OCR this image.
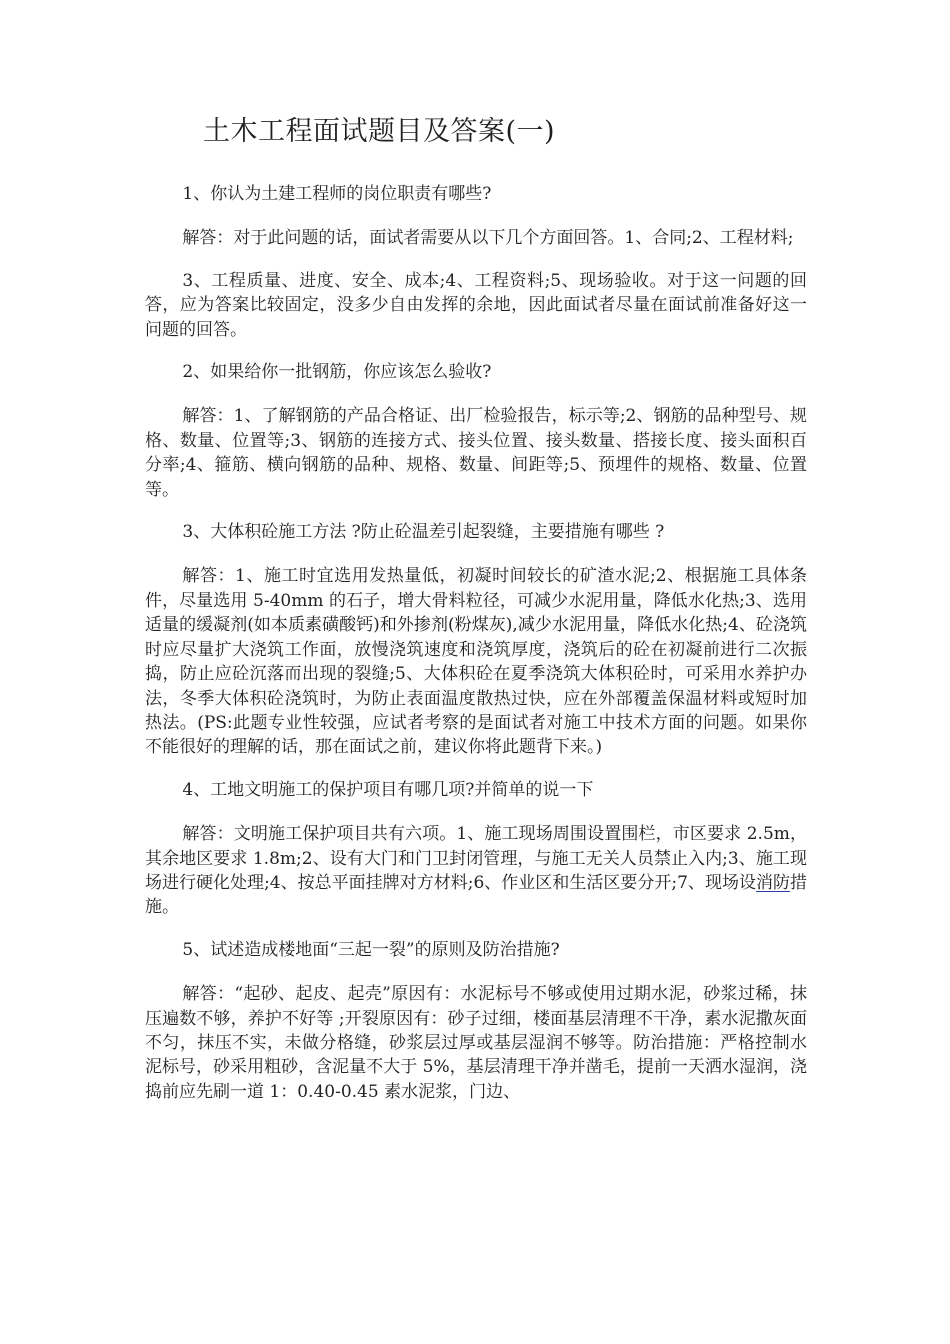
土木工程面试题目及答案(一)

1、你认为土建工程师的岗位职责有哪些?

解答：对于此问题的话，面试者需要从以下几个方面回答。1、合同;2、工程材料;

3、工程质量、进度、安全、成本;4、工程资料;5、现场验收。对于这一问题的回答，应为答案比较固定，没多少自由发挥的余地，因此面试者尽量在面试前准备好这一问题的回答。

2、如果给你一批钢筋，你应该怎么验收?

解答：1、了解钢筋的产品合格证、出厂检验报告，标示等;2、钢筋的品种型号、规格、数量、位置等;3、钢筋的连接方式、接头位置、接头数量、搭接长度、接头面积百分率;4、箍筋、横向钢筋的品种、规格、数量、间距等;5、预埋件的规格、数量、位置等。

3、大体积砼施工方法 ?防止砼温差引起裂缝，主要措施有哪些 ?

解答：1、施工时宜选用发热量低，初凝时间较长的矿渣水泥;2、根据施工具体条件，尽量选用 5-40mm 的石子，增大骨料粒径，可减少水泥用量，降低水化热;3、选用适量的缓凝剂(如本质素磺酸钙)和外掺剂(粉煤灰),减少水泥用量，降低水化热;4、砼浇筑时应尽量扩大浇筑工作面，放慢浇筑速度和浇筑厚度，浇筑后的砼在初凝前进行二次振捣，防止应砼沉落而出现的裂缝;5、大体积砼在夏季浇筑大体积砼时，可采用水养护办法，冬季大体积砼浇筑时，为防止表面温度散热过快，应在外部覆盖保温材料或短时加热法。(PS:此题专业性较强，应试者考察的是面试者对施工中技术方面的问题。如果你不能很好的理解的话，那在面试之前，建议你将此题背下来。)

4、工地文明施工的保护项目有哪几项?并简单的说一下

解答：文明施工保护项目共有六项。1、施工现场周围设置围栏，市区要求 2.5m，其余地区要求 1.8m;2、设有大门和门卫封闭管理，与施工无关人员禁止入内;3、施工现场进行硬化处理;4、按总平面挂牌对方材料;6、作业区和生活区要分开;7、现场设消防措施。

5、试述造成楼地面“三起一裂”的原则及防治措施?

解答：“起砂、起皮、起壳”原因有：水泥标号不够或使用过期水泥，砂浆过稀，抹压遍数不够，养护不好等 ;开裂原因有：砂子过细，楼面基层清理不干净，素水泥撒灰面不匀，抹压不实，未做分格缝，砂浆层过厚或基层湿润不够等。防治措施：严格控制水泥标号，砂采用粗砂，含泥量不大于 5%，基层清理干净并凿毛，提前一天洒水湿润，浇捣前应先刷一道 1：0.40-0.45 素水泥浆，门边、
